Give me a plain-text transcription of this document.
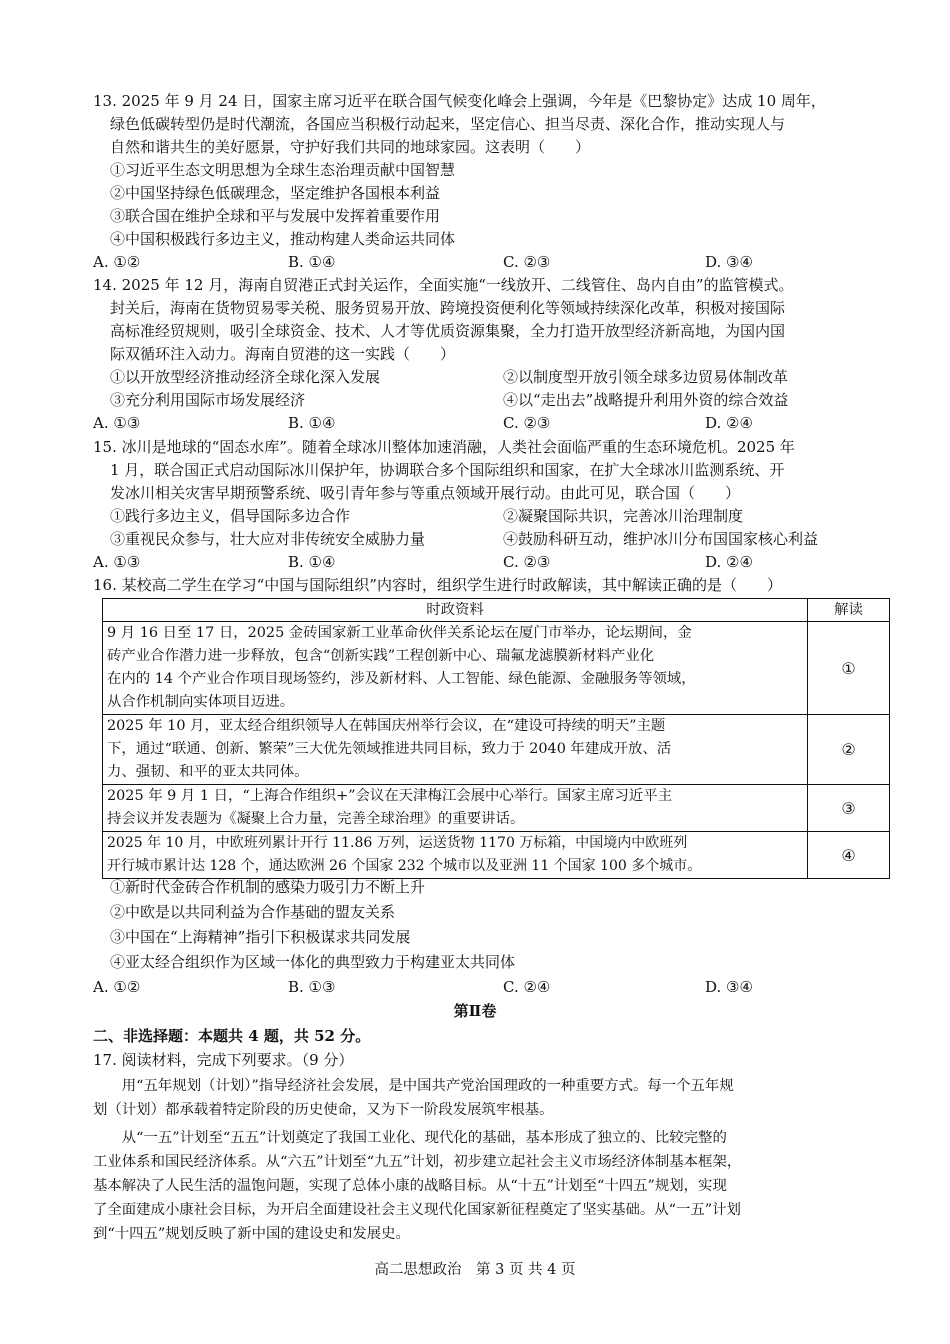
13. 2025 年 9 月 24 日，国家主席习近平在联合国气候变化峰会上强调，今年是《巴黎协定》达成 10 周年，
绿色低碳转型仍是时代潮流，各国应当积极行动起来，坚定信心、担当尽责、深化合作，推动实现人与
自然和谐共生的美好愿景，守护好我们共同的地球家园。这表明（　　）
①习近平生态文明思想为全球生态治理贡献中国智慧
②中国坚持绿色低碳理念，坚定维护各国根本利益
③联合国在维护全球和平与发展中发挥着重要作用
④中国积极践行多边主义，推动构建人类命运共同体
A. ①②	B. ①④	C. ②③	D. ③④
14. 2025 年 12 月，海南自贸港正式封关运作，全面实施“一线放开、二线管住、岛内自由”的监管模式。
封关后，海南在货物贸易零关税、服务贸易开放、跨境投资便利化等领域持续深化改革，积极对接国际
高标准经贸规则，吸引全球资金、技术、人才等优质资源集聚，全力打造开放型经济新高地，为国内国
际双循环注入动力。海南自贸港的这一实践（　　）
①以开放型经济推动经济全球化深入发展	②以制度型开放引领全球多边贸易体制改革
③充分利用国际市场发展经济	④以“走出去”战略提升利用外资的综合效益
A. ①③	B. ①④	C. ②③	D. ②④
15. 冰川是地球的“固态水库”。随着全球冰川整体加速消融，人类社会面临严重的生态环境危机。2025 年
1 月，联合国正式启动国际冰川保护年，协调联合多个国际组织和国家，在扩大全球冰川监测系统、开
发冰川相关灾害早期预警系统、吸引青年参与等重点领域开展行动。由此可见，联合国（　　）
①践行多边主义，倡导国际多边合作	②凝聚国际共识，完善冰川治理制度
③重视民众参与，壮大应对非传统安全威胁力量	④鼓励科研互动，维护冰川分布国国家核心利益
A. ①③	B. ①④	C. ②③	D. ②④
16. 某校高二学生在学习“中国与国际组织”内容时，组织学生进行时政解读，其中解读正确的是（　　）
时政资料	解读

9 月 16 日至 17 日，2025 金砖国家新工业革命伙伴关系论坛在厦门市举办，论坛期间，金
砖产业合作潜力进一步释放，包含“创新实践”工程创新中心、瑞氟龙滤膜新材料产业化
在内的 14 个产业合作项目现场签约，涉及新材料、人工智能、绿色能源、金融服务等领域，
从合作机制向实体项目迈进。	①

2025 年 10 月，亚太经合组织领导人在韩国庆州举行会议，在“建设可持续的明天”主题
下，通过“联通、创新、繁荣”三大优先领域推进共同目标，致力于 2040 年建成开放、活
力、强韧、和平的亚太共同体。	②

2025 年 9 月 1 日，“上海合作组织+”会议在天津梅江会展中心举行。国家主席习近平主
持会议并发表题为《凝聚上合力量，完善全球治理》的重要讲话。	③

2025 年 10 月，中欧班列累计开行 11.86 万列，运送货物 1170 万标箱，中国境内中欧班列
开行城市累计达 128 个，通达欧洲 26 个国家 232 个城市以及亚洲 11 个国家 100 多个城市。	④
①新时代金砖合作机制的感染力吸引力不断上升
②中欧是以共同利益为合作基础的盟友关系
③中国在“上海精神”指引下积极谋求共同发展
④亚太经合组织作为区域一体化的典型致力于构建亚太共同体
A. ①②	B. ①③	C. ②④	D. ③④
第Ⅱ卷
二、非选择题：本题共 4 题，共 52 分。
17. 阅读材料，完成下列要求。（9 分）
　　用“五年规划（计划）”指导经济社会发展，是中国共产党治国理政的一种重要方式。每一个五年规
划（计划）都承载着特定阶段的历史使命，又为下一阶段发展筑牢根基。
　　从“一五”计划至“五五”计划奠定了我国工业化、现代化的基础，基本形成了独立的、比较完整的
工业体系和国民经济体系。从“六五”计划至“九五”计划，初步建立起社会主义市场经济体制基本框架，
基本解决了人民生活的温饱问题，实现了总体小康的战略目标。从“十五”计划至“十四五”规划，实现
了全面建成小康社会目标，为开启全面建设社会主义现代化国家新征程奠定了坚实基础。从“一五”计划
到“十四五”规划反映了新中国的建设史和发展史。
高二思想政治　第 3 页 共 4 页
